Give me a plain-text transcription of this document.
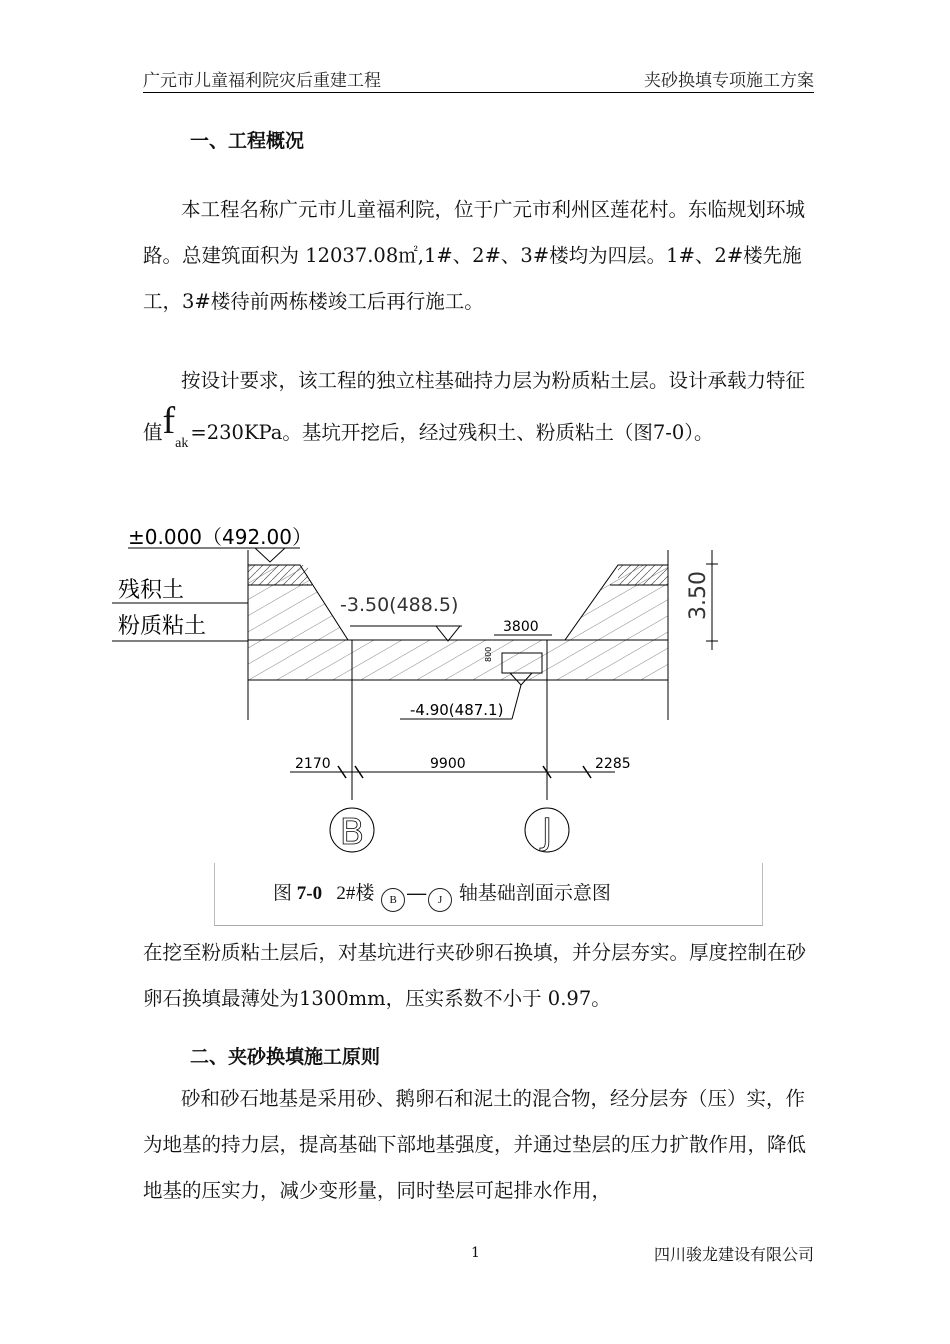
广元市儿童福利院灾后重建工程	夹砂换填专项施工方案
一、工程概况
本工程名称广元市儿童福利院，位于广元市利州区莲花村。东临规划环城路。总建筑面积为 12037.08㎡,1#、2#、3#楼均为四层。1#、2#楼先施工，3#楼待前两栋楼竣工后再行施工。
按设计要求，该工程的独立柱基础持力层为粉质粘土层。设计承载力特征值$f_{ak} =230KPa$。基坑开挖后，经过残积土、粉质粘土（图7-0）。
±0.000（492.00）
残积土
粉质粘土
-3.50(488.5)
3800
800
-4.90(487.1)
3.50
2170	9900	2285
B	J
图 7-0 2#楼 B — J 轴基础剖面示意图
在挖至粉质粘土层后，对基坑进行夹砂卵石换填，并分层夯实。厚度控制在砂卵石换填最薄处为1300mm，压实系数不小于 0.97。
二、夹砂换填施工原则
砂和砂石地基是采用砂、鹅卵石和泥土的混合物，经分层夯（压）实，作为地基的持力层，提高基础下部地基强度，并通过垫层的压力扩散作用，降低地基的压实力，减少变形量，同时垫层可起排水作用，
1	四川骏龙建设有限公司
